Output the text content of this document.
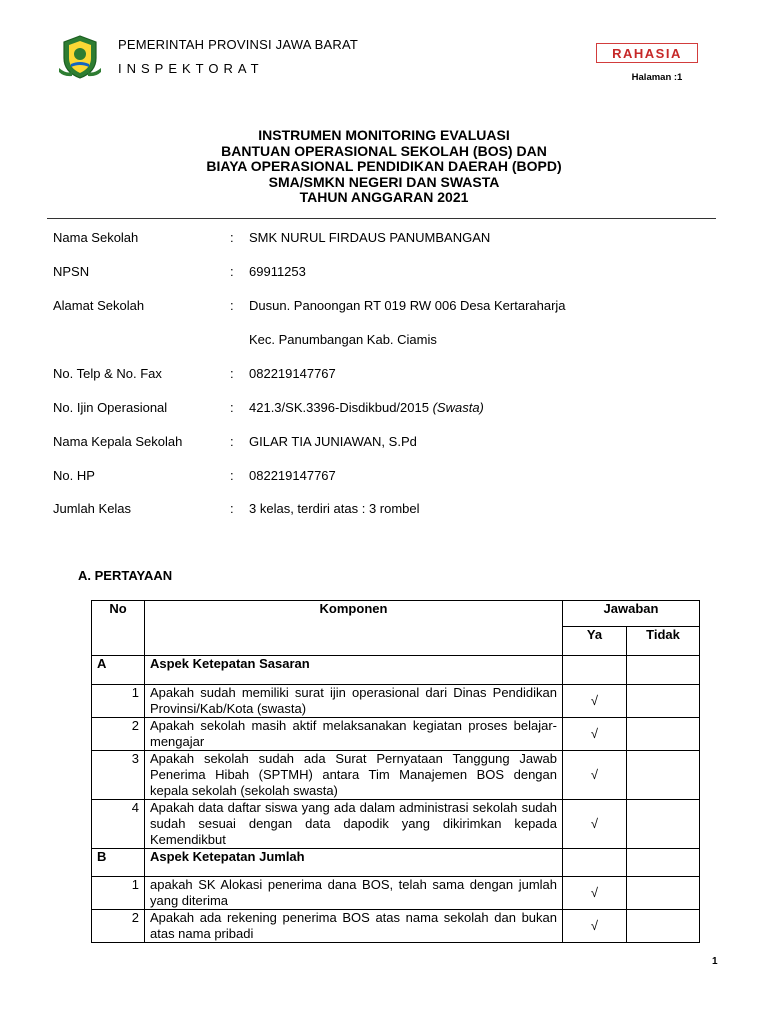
PEMERINTAH PROVINSI JAWA BARAT
INSPEKTORAT
RAHASIA
Halaman :1
INSTRUMEN MONITORING EVALUASI
BANTUAN OPERASIONAL SEKOLAH (BOS) DAN
BIAYA OPERASIONAL PENDIDIKAN DAERAH (BOPD)
SMA/SMKN NEGERI DAN SWASTA
TAHUN ANGGARAN 2021
Nama Sekolah	: SMK NURUL FIRDAUS PANUMBANGAN
NPSN	: 69911253
Alamat Sekolah	: Dusun. Panoongan RT 019 RW 006 Desa Kertaraharja
Kec. Panumbangan Kab. Ciamis
No. Telp & No. Fax	: 082219147767
No. Ijin Operasional	: 421.3/SK.3396-Disdikbud/2015 (Swasta)
Nama Kepala Sekolah	: GILAR TIA JUNIAWAN, S.Pd
No. HP	: 082219147767
Jumlah Kelas	: 3 kelas, terdiri atas : 3 rombel
A. PERTAYAAN
No	Komponen	Jawaban	
		Ya	Tidak
A	Aspek Ketepatan Sasaran		
1	Apakah sudah memiliki surat ijin operasional dari Dinas Pendidikan Provinsi/Kab/Kota (swasta)	√	
2	Apakah sekolah masih aktif melaksanakan kegiatan proses belajar-mengajar	√	
3	Apakah sekolah sudah ada Surat Pernyataan Tanggung Jawab Penerima Hibah (SPTMH) antara Tim Manajemen BOS dengan kepala sekolah (sekolah swasta)	√	
4	Apakah data daftar siswa yang ada dalam administrasi sekolah sudah sudah sesuai dengan data dapodik yang dikirimkan kepada Kemendikbut	√	
B	Aspek Ketepatan Jumlah		
1	apakah SK Alokasi penerima dana BOS, telah sama dengan jumlah yang diterima	√	
2	Apakah ada rekening penerima BOS atas nama sekolah dan bukan atas nama pribadi	√	
1
